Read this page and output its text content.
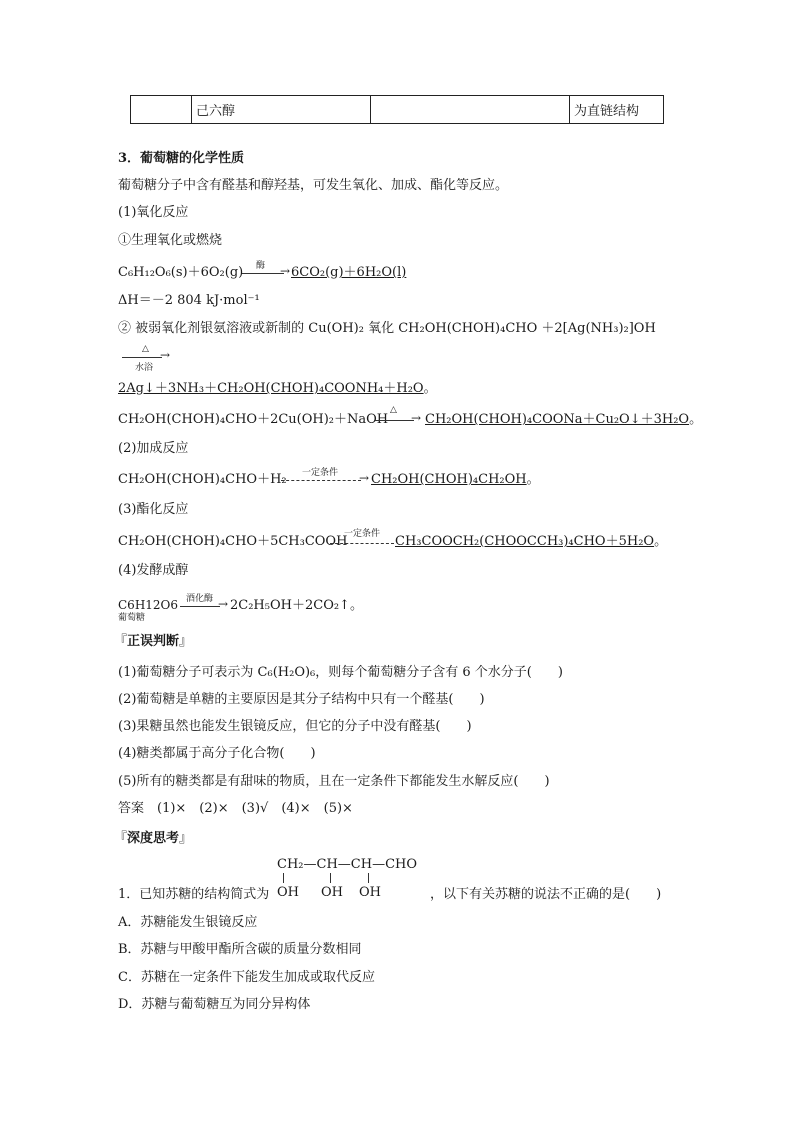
	己六醇		为直链结构
3．葡萄糖的化学性质
葡萄糖分子中含有醛基和醇羟基，可发生氧化、加成、酯化等反应。
(1)氧化反应
①生理氧化或燃烧
C₆H₁₂O₆(s)＋6O₂(g) 酶 → 6CO₂(g)＋6H₂O(l)
ΔH＝－2 804 kJ·mol⁻¹
② 被弱氧化剂银氨溶液或新制的 Cu(OH)₂ 氧化 CH₂OH(CHOH)₄CHO ＋2[Ag(NH₃)₂]OH
△ →
水浴
2Ag↓＋3NH₃＋CH₂OH(CHOH)₄COONH₄＋H₂O。
CH₂OH(CHOH)₄CHO＋2Cu(OH)₂＋NaOH
△
→ CH₂OH(CHOH)₄COONa＋Cu₂O↓＋3H₂O。
(2)加成反应
CH₂OH(CHOH)₄CHO＋H₂ 一定条件 → CH₂OH(CHOH)₄CH₂OH。
(3)酯化反应
CH₂OH(CHOH)₄CHO＋5CH₃COOH
一定条件 CH₃COOCH₂(CHOOCCH₃)₄CHO＋5H₂O。
(4)发酵成醇
C6H12O6
葡萄糖
酒化酶 → 2C₂H₅OH＋2CO₂↑。
『 正误判断 』
(1)葡萄糖分子可表示为 C₆(H₂O)₆，则每个葡萄糖分子含有 6 个水分子(　　)
(2)葡萄糖是单糖的主要原因是其分子结构中只有一个醛基(　　)
(3)果糖虽然也能发生银镜反应，但它的分子中没有醛基(　　)
(4)糖类都属于高分子化合物(　　)
(5)所有的糖类都是有甜味的物质，且在一定条件下都能发生水解反应(　　)
答案　(1)×　(2)×　(3)√　(4)×　(5)×
『 深度思考 』
CH₂—CH—CH—CHO
OH OH OH
1．已知苏糖的结构简式为	，以下有关苏糖的说法不正确的是(　　)
A．苏糖能发生银镜反应
B．苏糖与甲酸甲酯所含碳的质量分数相同
C．苏糖在一定条件下能发生加成或取代反应
D．苏糖与葡萄糖互为同分异构体
